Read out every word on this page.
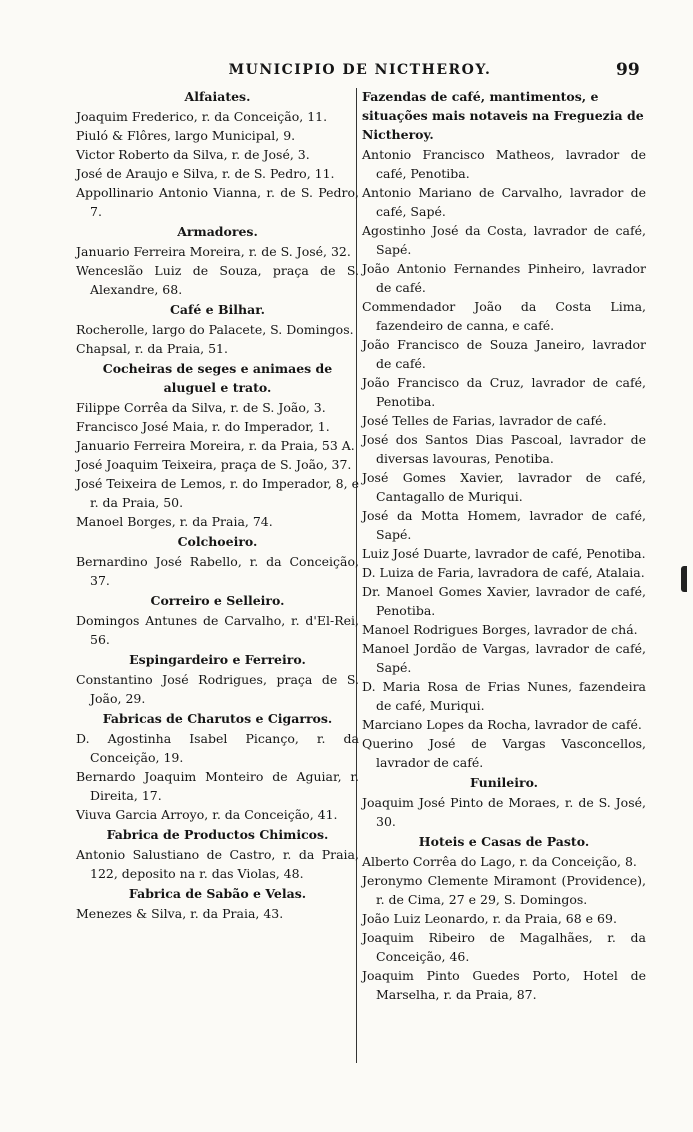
MUNICIPIO DE NICTHEROY.	99
Alfaiates.
Joaquim Frederico, r. da Conceição, 11.
Piuló & Flôres, largo Municipal, 9.
Victor Roberto da Silva, r. de José, 3.
José de Araujo e Silva, r. de S. Pedro, 11.
Appollinario Antonio Vianna, r. de S. Pedro, 7.
Armadores.
Januario Ferreira Moreira, r. de S. José, 32.
Wenceslão Luiz de Souza, praça de S. Alexandre, 68.
Café e Bilhar.
Rocherolle, largo do Palacete, S. Domingos.
Chapsal, r. da Praia, 51.
Cocheiras de seges e animaes de aluguel e trato.
Filippe Corrêa da Silva, r. de S. João, 3.
Francisco José Maia, r. do Imperador, 1.
Januario Ferreira Moreira, r. da Praia, 53 A.
José Joaquim Teixeira, praça de S. João, 37.
José Teixeira de Lemos, r. do Imperador, 8, e r. da Praia, 50.
Manoel Borges, r. da Praia, 74.
Colchoeiro.
Bernardino José Rabello, r. da Conceição, 37.
Correiro e Selleiro.
Domingos Antunes de Carvalho, r. d'El-Rei, 56.
Espingardeiro e Ferreiro.
Constantino José Rodrigues, praça de S. João, 29.
Fabricas de Charutos e Cigarros.
D. Agostinha Isabel Picanço, r. da Conceição, 19.
Bernardo Joaquim Monteiro de Aguiar, r. Direita, 17.
Viuva Garcia Arroyo, r. da Conceição, 41.
Fabrica de Productos Chimicos.
Antonio Salustiano de Castro, r. da Praia, 122, deposito na r. das Violas, 48.
Fabrica de Sabão e Velas.
Menezes & Silva, r. da Praia, 43.
Fazendas de café, mantimentos, e situações mais notaveis na Freguezia de Nictheroy.
Antonio Francisco Matheos, lavrador de café, Penotiba.
Antonio Mariano de Carvalho, lavrador de café, Sapé.
Agostinho José da Costa, lavrador de café, Sapé.
João Antonio Fernandes Pinheiro, lavrador de café.
Commendador João da Costa Lima, fazendeiro de canna, e café.
João Francisco de Souza Janeiro, lavrador de café.
João Francisco da Cruz, lavrador de café, Penotiba.
José Telles de Farias, lavrador de café.
José dos Santos Dias Pascoal, lavrador de diversas lavouras, Penotiba.
José Gomes Xavier, lavrador de café, Cantagallo de Muriqui.
José da Motta Homem, lavrador de café, Sapé.
Luiz José Duarte, lavrador de café, Penotiba.
D. Luiza de Faria, lavradora de café, Atalaia.
Dr. Manoel Gomes Xavier, lavrador de café, Penotiba.
Manoel Rodrigues Borges, lavrador de chá.
Manoel Jordão de Vargas, lavrador de café, Sapé.
D. Maria Rosa de Frias Nunes, fazendeira de café, Muriqui.
Marciano Lopes da Rocha, lavrador de café.
Querino José de Vargas Vasconcellos, lavrador de café.
Funileiro.
Joaquim José Pinto de Moraes, r. de S. José, 30.
Hoteis e Casas de Pasto.
Alberto Corrêa do Lago, r. da Conceição, 8.
Jeronymo Clemente Miramont (Providence), r. de Cima, 27 e 29, S. Domingos.
João Luiz Leonardo, r. da Praia, 68 e 69.
Joaquim Ribeiro de Magalhães, r. da Conceição, 46.
Joaquim Pinto Guedes Porto, Hotel de Marselha, r. da Praia, 87.
